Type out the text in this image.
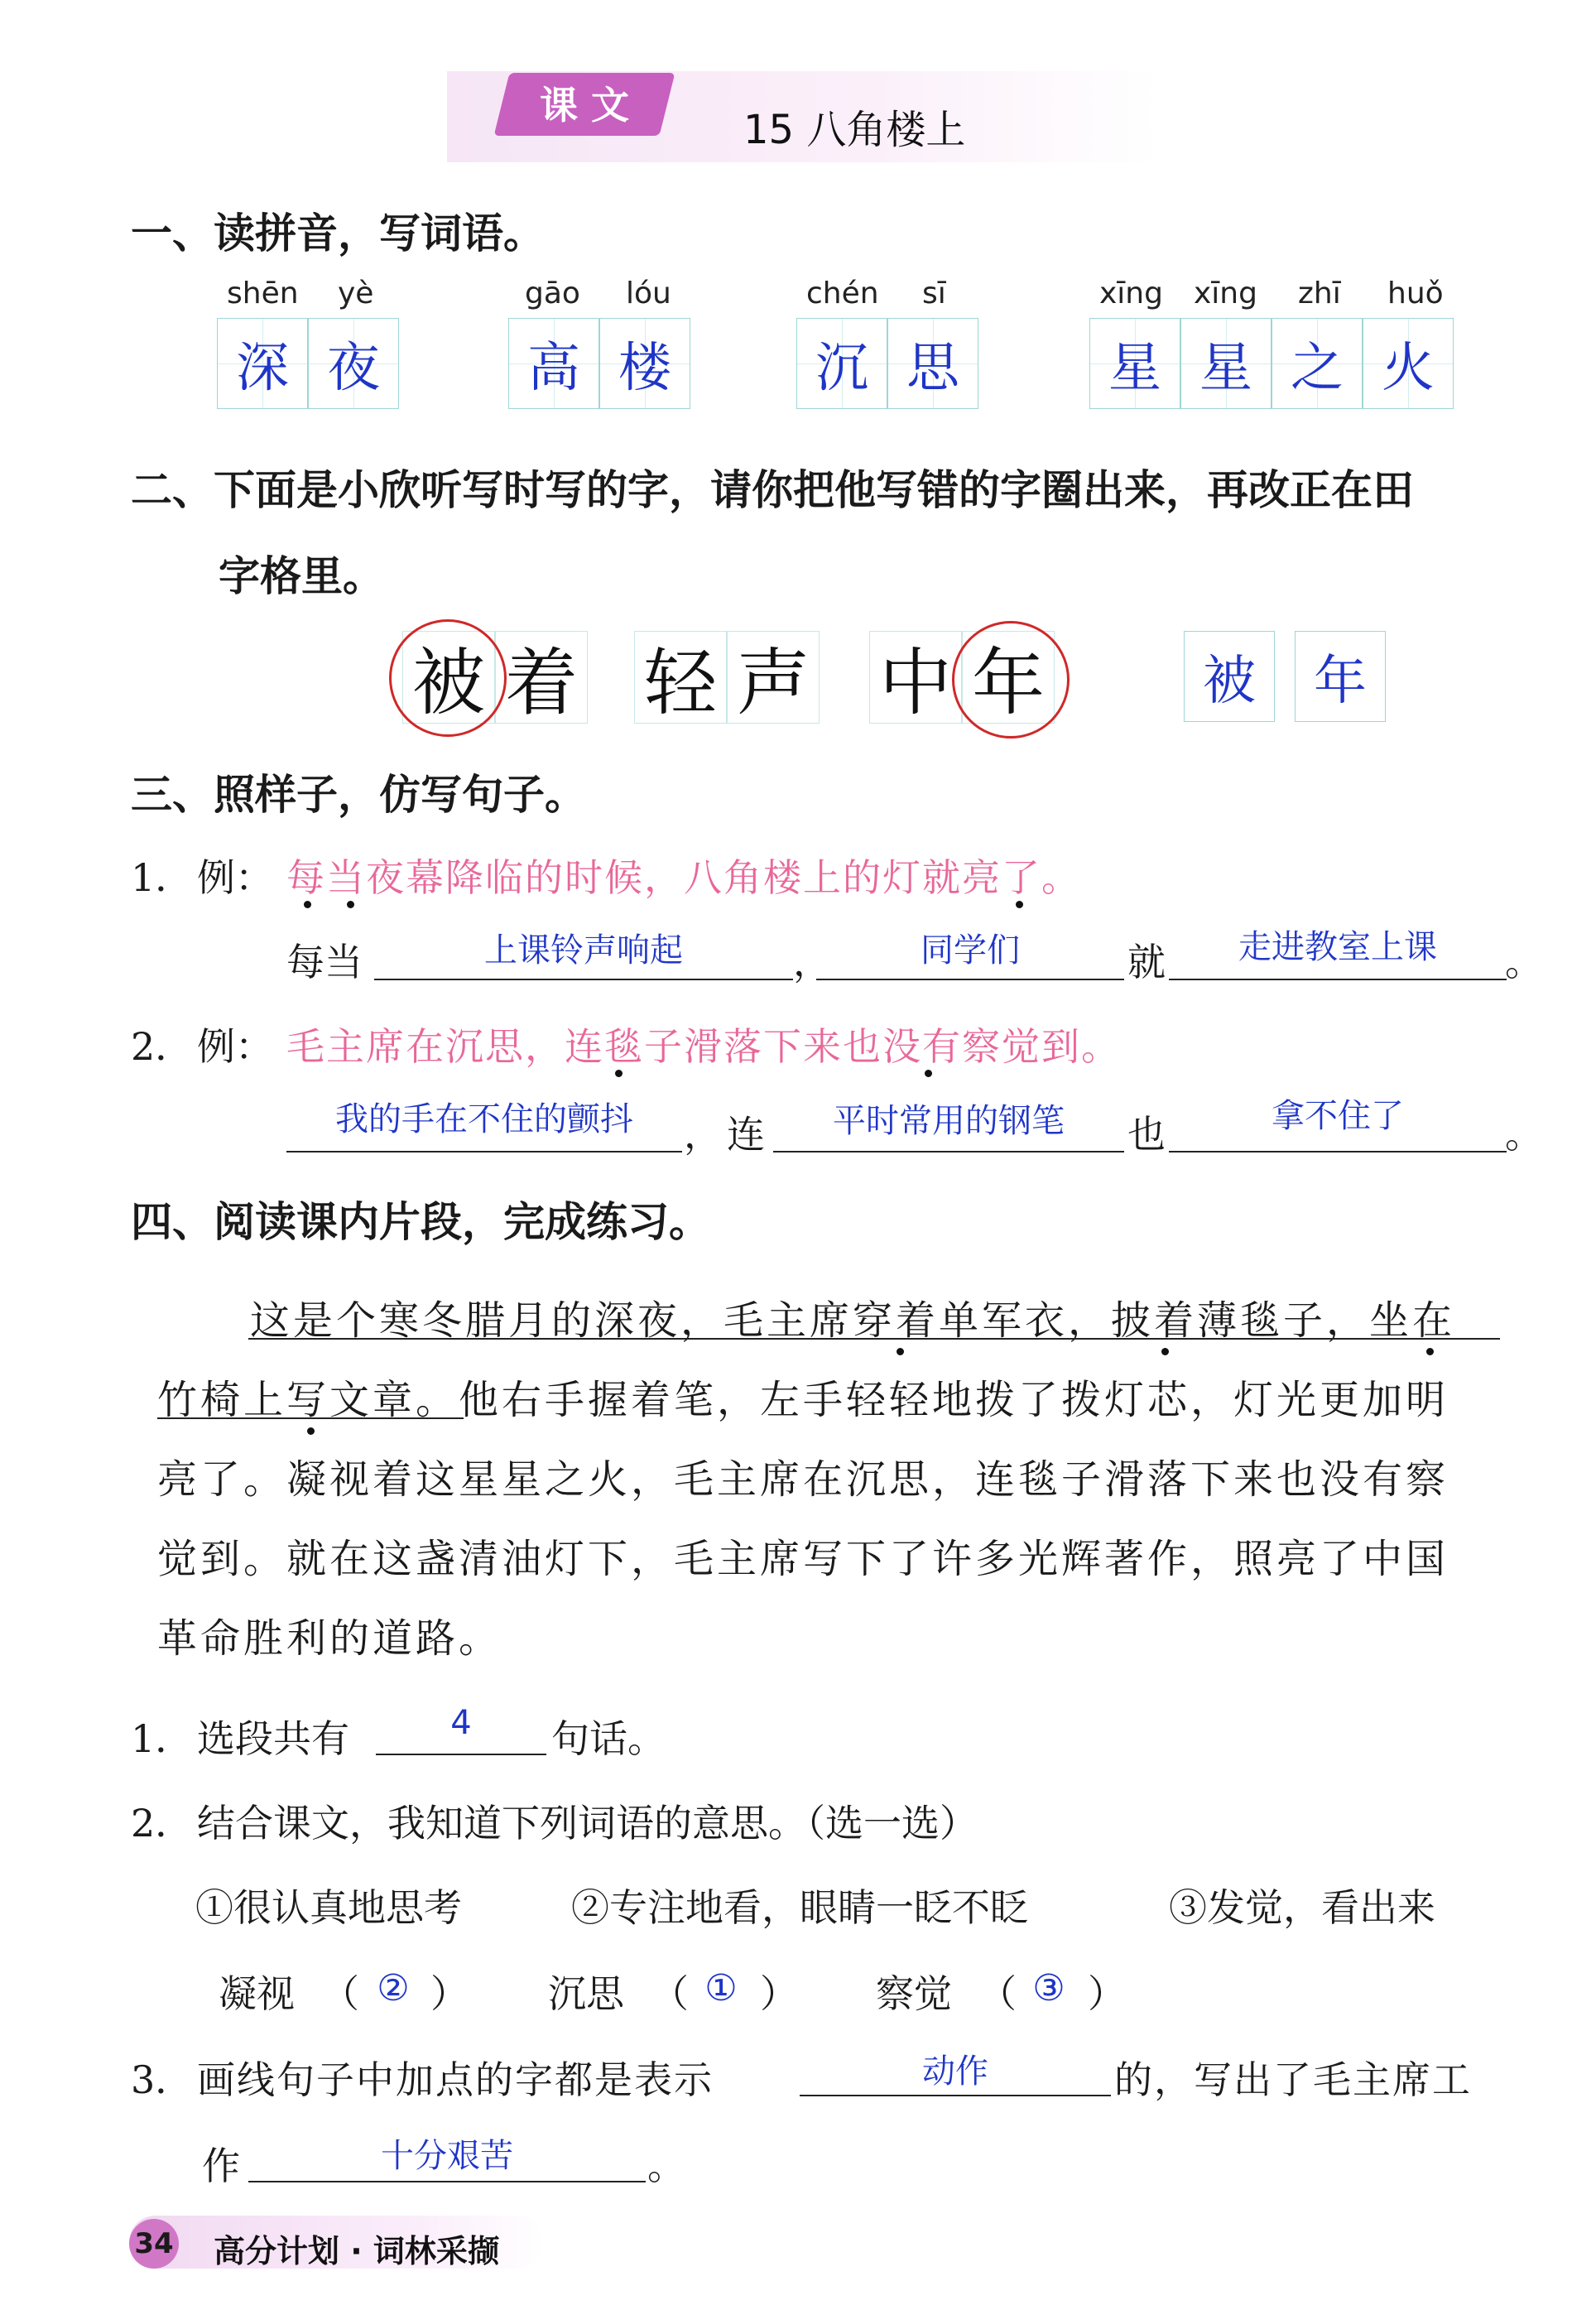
课 文
15 八角楼上
一、读拼音，写词语。
shēn yè
深 夜
gāo lóu
高 楼
chén sī
沉 思
xīng xīng zhī huǒ
星 星 之 火
二、下面是小欣听写时写的字，请你把他写错的字圈出来，再改正在田
字格里。
被 着 轻 声 中 年	被	年
三、照样子，仿写句子。
1． 例： 每当夜幕降临的时候，八角楼上的灯就亮了。
每当	上课铃声响起	，	同学们	就	走进教室上课	。
2． 例： 毛主席在沉思，连毯子滑落下来也没有察觉到。
我的手在不住的颤抖	， 连	平时常用的钢笔	也	拿不住了	。
四、阅读课内片段，完成练习。
这是个寒冬腊月的深夜，毛主席穿着单军衣，披着薄毯子，坐在
竹椅上写文章。他右手握着笔，左手轻轻地拨了拨灯芯，灯光更加明
亮了。凝视着这星星之火，毛主席在沉思，连毯子滑落下来也没有察
觉到。就在这盏清油灯下，毛主席写下了许多光辉著作，照亮了中国
革命胜利的道路。
1． 选段共有	4	句话。
2． 结合课文，我知道下列词语的意思。（选一选）
①很认真地思考	②专注地看，眼睛一眨不眨	③发觉，看出来
凝视 （ ② ） 沉思 （ ① ） 察觉 （ ③ ）
3． 画线句子中加点的字都是表示	动作	的，写出了毛主席工
作	十分艰苦	。
34 高分计划 · 词林采撷
